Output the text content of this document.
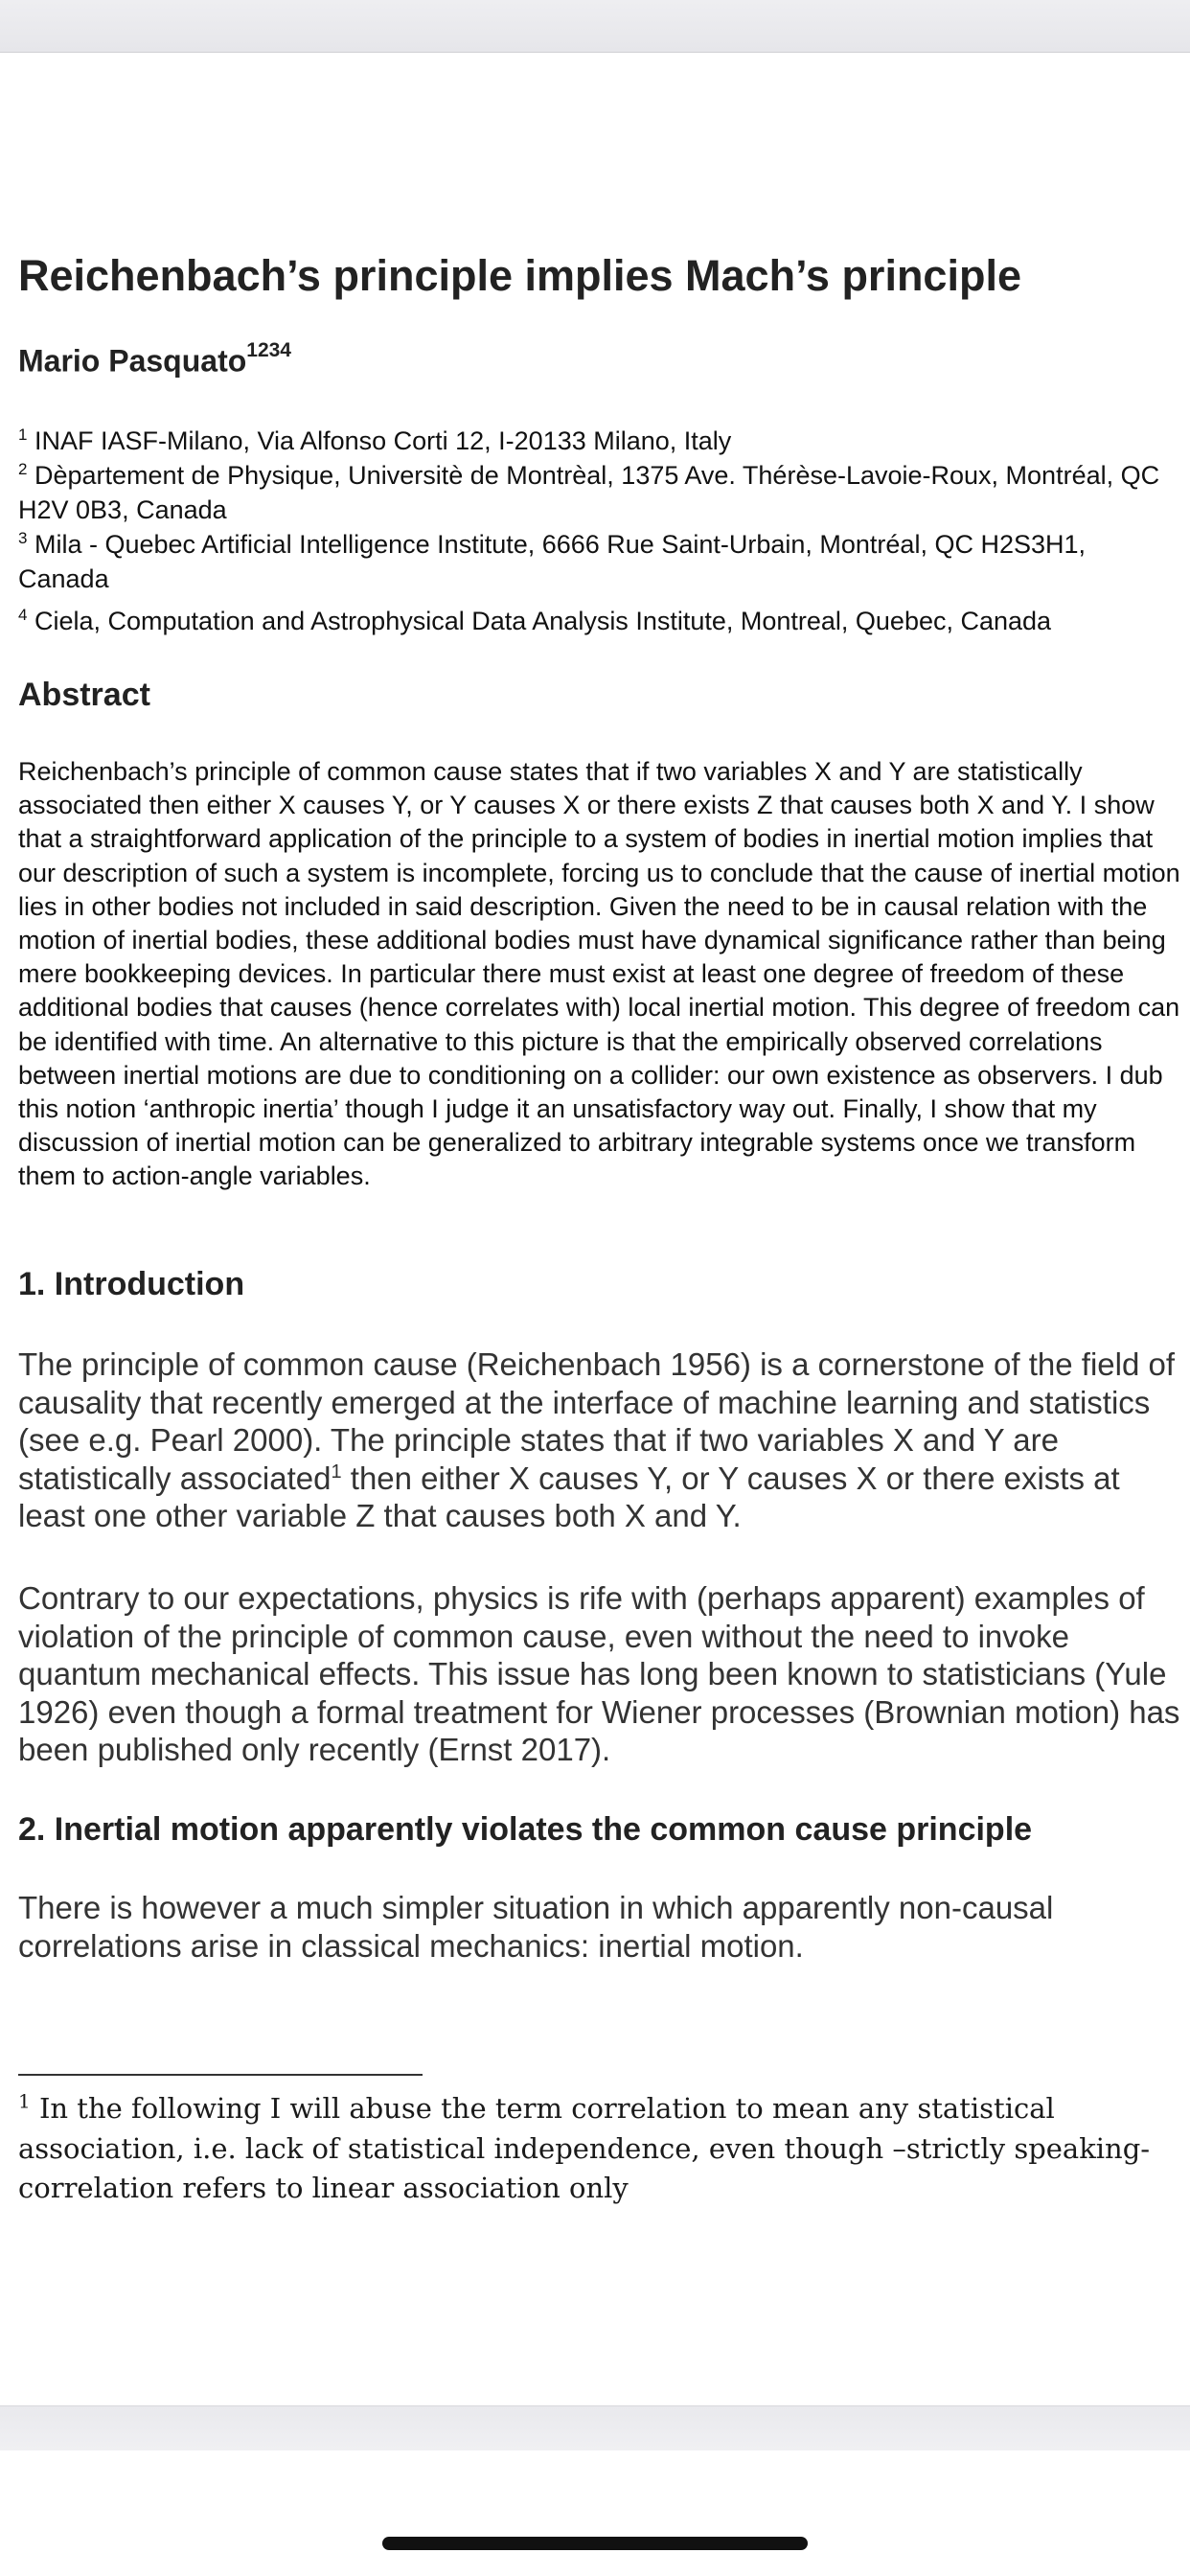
Reichenbach’s principle implies Mach’s principle

Mario Pasquato$^{1234}$

$^1$ INAF IASF-Milano, Via Alfonso Corti 12, I-20133 Milano, Italy

$^2$ Dèpartement de Physique, Universitè de Montrèal, 1375 Ave. Thérèse-Lavoie-Roux, Montréal, QC H2V 0B3, Canada

$^3$ Mila - Quebec Artificial Intelligence Institute, 6666 Rue Saint-Urbain, Montréal, QC H2S3H1, Canada

$^4$ Ciela, Computation and Astrophysical Data Analysis Institute, Montreal, Quebec, Canada

Abstract

Reichenbach’s principle of common cause states that if two variables X and Y are statistically associated then either X causes Y, or Y causes X or there exists Z that causes both X and Y. I show that a straightforward application of the principle to a system of bodies in inertial motion implies that our description of such a system is incomplete, forcing us to conclude that the cause of inertial motion lies in other bodies not included in said description. Given the need to be in causal relation with the motion of inertial bodies, these additional bodies must have dynamical significance rather than being mere bookkeeping devices. In particular there must exist at least one degree of freedom of these additional bodies that causes (hence correlates with) local inertial motion. This degree of freedom can be identified with time. An alternative to this picture is that the empirically observed correlations between inertial motions are due to conditioning on a collider: our own existence as observers. I dub this notion ‘anthropic inertia’ though I judge it an unsatisfactory way out. Finally, I show that my discussion of inertial motion can be generalized to arbitrary integrable systems once we transform them to action-angle variables.

1. Introduction

The principle of common cause (Reichenbach 1956) is a cornerstone of the field of causality that recently emerged at the interface of machine learning and statistics (see e.g. Pearl 2000). The principle states that if two variables X and Y are statistically associated$^1$ then either X causes Y, or Y causes X or there exists at least one other variable Z that causes both X and Y.

Contrary to our expectations, physics is rife with (perhaps apparent) examples of violation of the principle of common cause, even without the need to invoke quantum mechanical effects. This issue has long been known to statisticians (Yule 1926) even though a formal treatment for Wiener processes (Brownian motion) has been published only recently (Ernst 2017).

2. Inertial motion apparently violates the common cause principle

There is however a much simpler situation in which apparently non-causal correlations arise in classical mechanics: inertial motion.

$^1$ In the following I will abuse the term correlation to mean any statistical association, i.e. lack of statistical independence, even though –strictly speaking- correlation refers to linear association only
